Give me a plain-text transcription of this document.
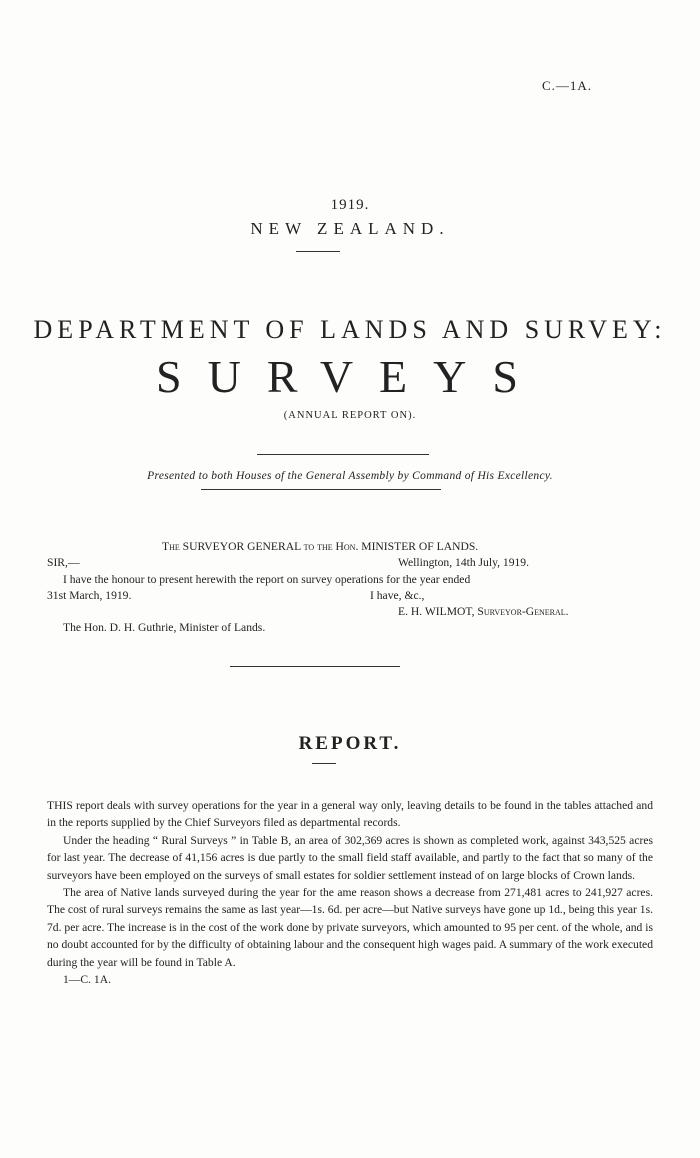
C.—1A.
1919.
NEW ZEALAND.
DEPARTMENT OF LANDS AND SURVEY:
SURVEYS
(ANNUAL REPORT ON).
Presented to both Houses of the General Assembly by Command of His Excellency.
The SURVEYOR GENERAL to the Hon. MINISTER OF LANDS.
SIR,—	Wellington, 14th July, 1919.
I have the honour to present herewith the report on survey operations for the year ended
31st March, 1919.	I have, &c.,
E. H. WILMOT, Surveyor-General.
The Hon. D. H. Guthrie, Minister of Lands.
REPORT.

THIS report deals with survey operations for the year in a general way only, leaving details to be found in the tables attached and in the reports supplied by the Chief Surveyors filed as departmental records.

Under the heading “ Rural Surveys ” in Table B, an area of 302,369 acres is shown as completed work, against 343,525 acres for last year. The decrease of 41,156 acres is due partly to the small field staff available, and partly to the fact that so many of the surveyors have been employed on the surveys of small estates for soldier settlement instead of on large blocks of Crown lands.

The area of Native lands surveyed during the year for the ame reason shows a decrease from 271,481 acres to 241,927 acres. The cost of rural surveys remains the same as last year—1s. 6d. per acre—but Native surveys have gone up 1d., being this year 1s. 7d. per acre. The increase is in the cost of the work done by private surveyors, which amounted to 95 per cent. of the whole, and is no doubt accounted for by the difficulty of obtaining labour and the consequent high wages paid. A summary of the work executed during the year will be found in Table A.

1—C. 1A.
